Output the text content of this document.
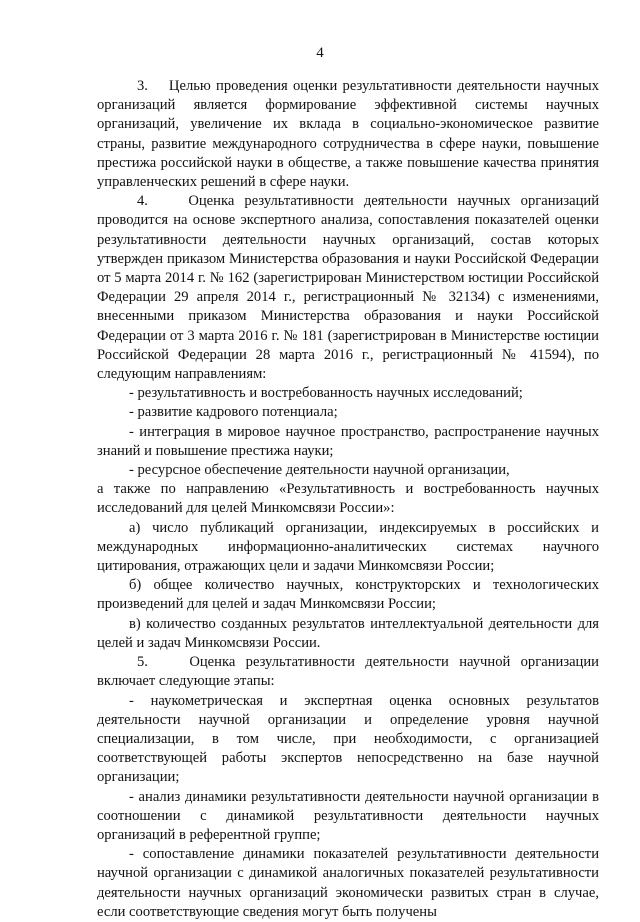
4

3.    Целью проведения оценки результативности деятельности научных организаций является формирование эффективной системы научных организаций, увеличение их вклада в социально-экономическое развитие страны, развитие международного сотрудничества в сфере науки, повышение престижа российской науки в обществе, а также повышение качества принятия управленческих решений в сфере науки.

4.    Оценка результативности деятельности научных организаций проводится на основе экспертного анализа, сопоставления показателей оценки результативности деятельности научных организаций, состав которых утвержден приказом Министерства образования и науки Российской Федерации от 5 марта 2014 г. № 162 (зарегистрирован Министерством юстиции Российской Федерации 29 апреля 2014 г., регистрационный № 32134) с изменениями, внесенными приказом Министерства образования и науки Российской Федерации от 3 марта 2016 г. № 181 (зарегистрирован в Министерстве юстиции Российской Федерации 28 марта 2016 г., регистрационный № 41594), по следующим направлениям:

- результативность и востребованность научных исследований;

- развитие кадрового потенциала;

- интеграция в мировое научное пространство, распространение научных знаний и повышение престижа науки;

- ресурсное обеспечение деятельности научной организации,

а также по направлению «Результативность и востребованность научных исследований для целей Минкомсвязи России»:

а) число публикаций организации, индексируемых в российских и международных информационно-аналитических системах научного цитирования, отражающих цели и задачи Минкомсвязи России;

б) общее количество научных, конструкторских и технологических произведений для целей и задач Минкомсвязи России;

в) количество созданных результатов интеллектуальной деятельности для целей и задач Минкомсвязи России.

5.    Оценка результативности деятельности научной организации включает следующие этапы:

- наукометрическая и экспертная оценка основных результатов деятельности научной организации и определение уровня научной специализации, в том числе, при необходимости, с организацией соответствующей работы экспертов непосредственно на базе научной организации;

- анализ динамики результативности деятельности научной организации в соотношении с динамикой результативности деятельности научных организаций в референтной группе;

- сопоставление динамики показателей результативности деятельности научной организации с динамикой аналогичных показателей результативности деятельности научных организаций экономически развитых стран в случае, если соответствующие сведения могут быть получены
